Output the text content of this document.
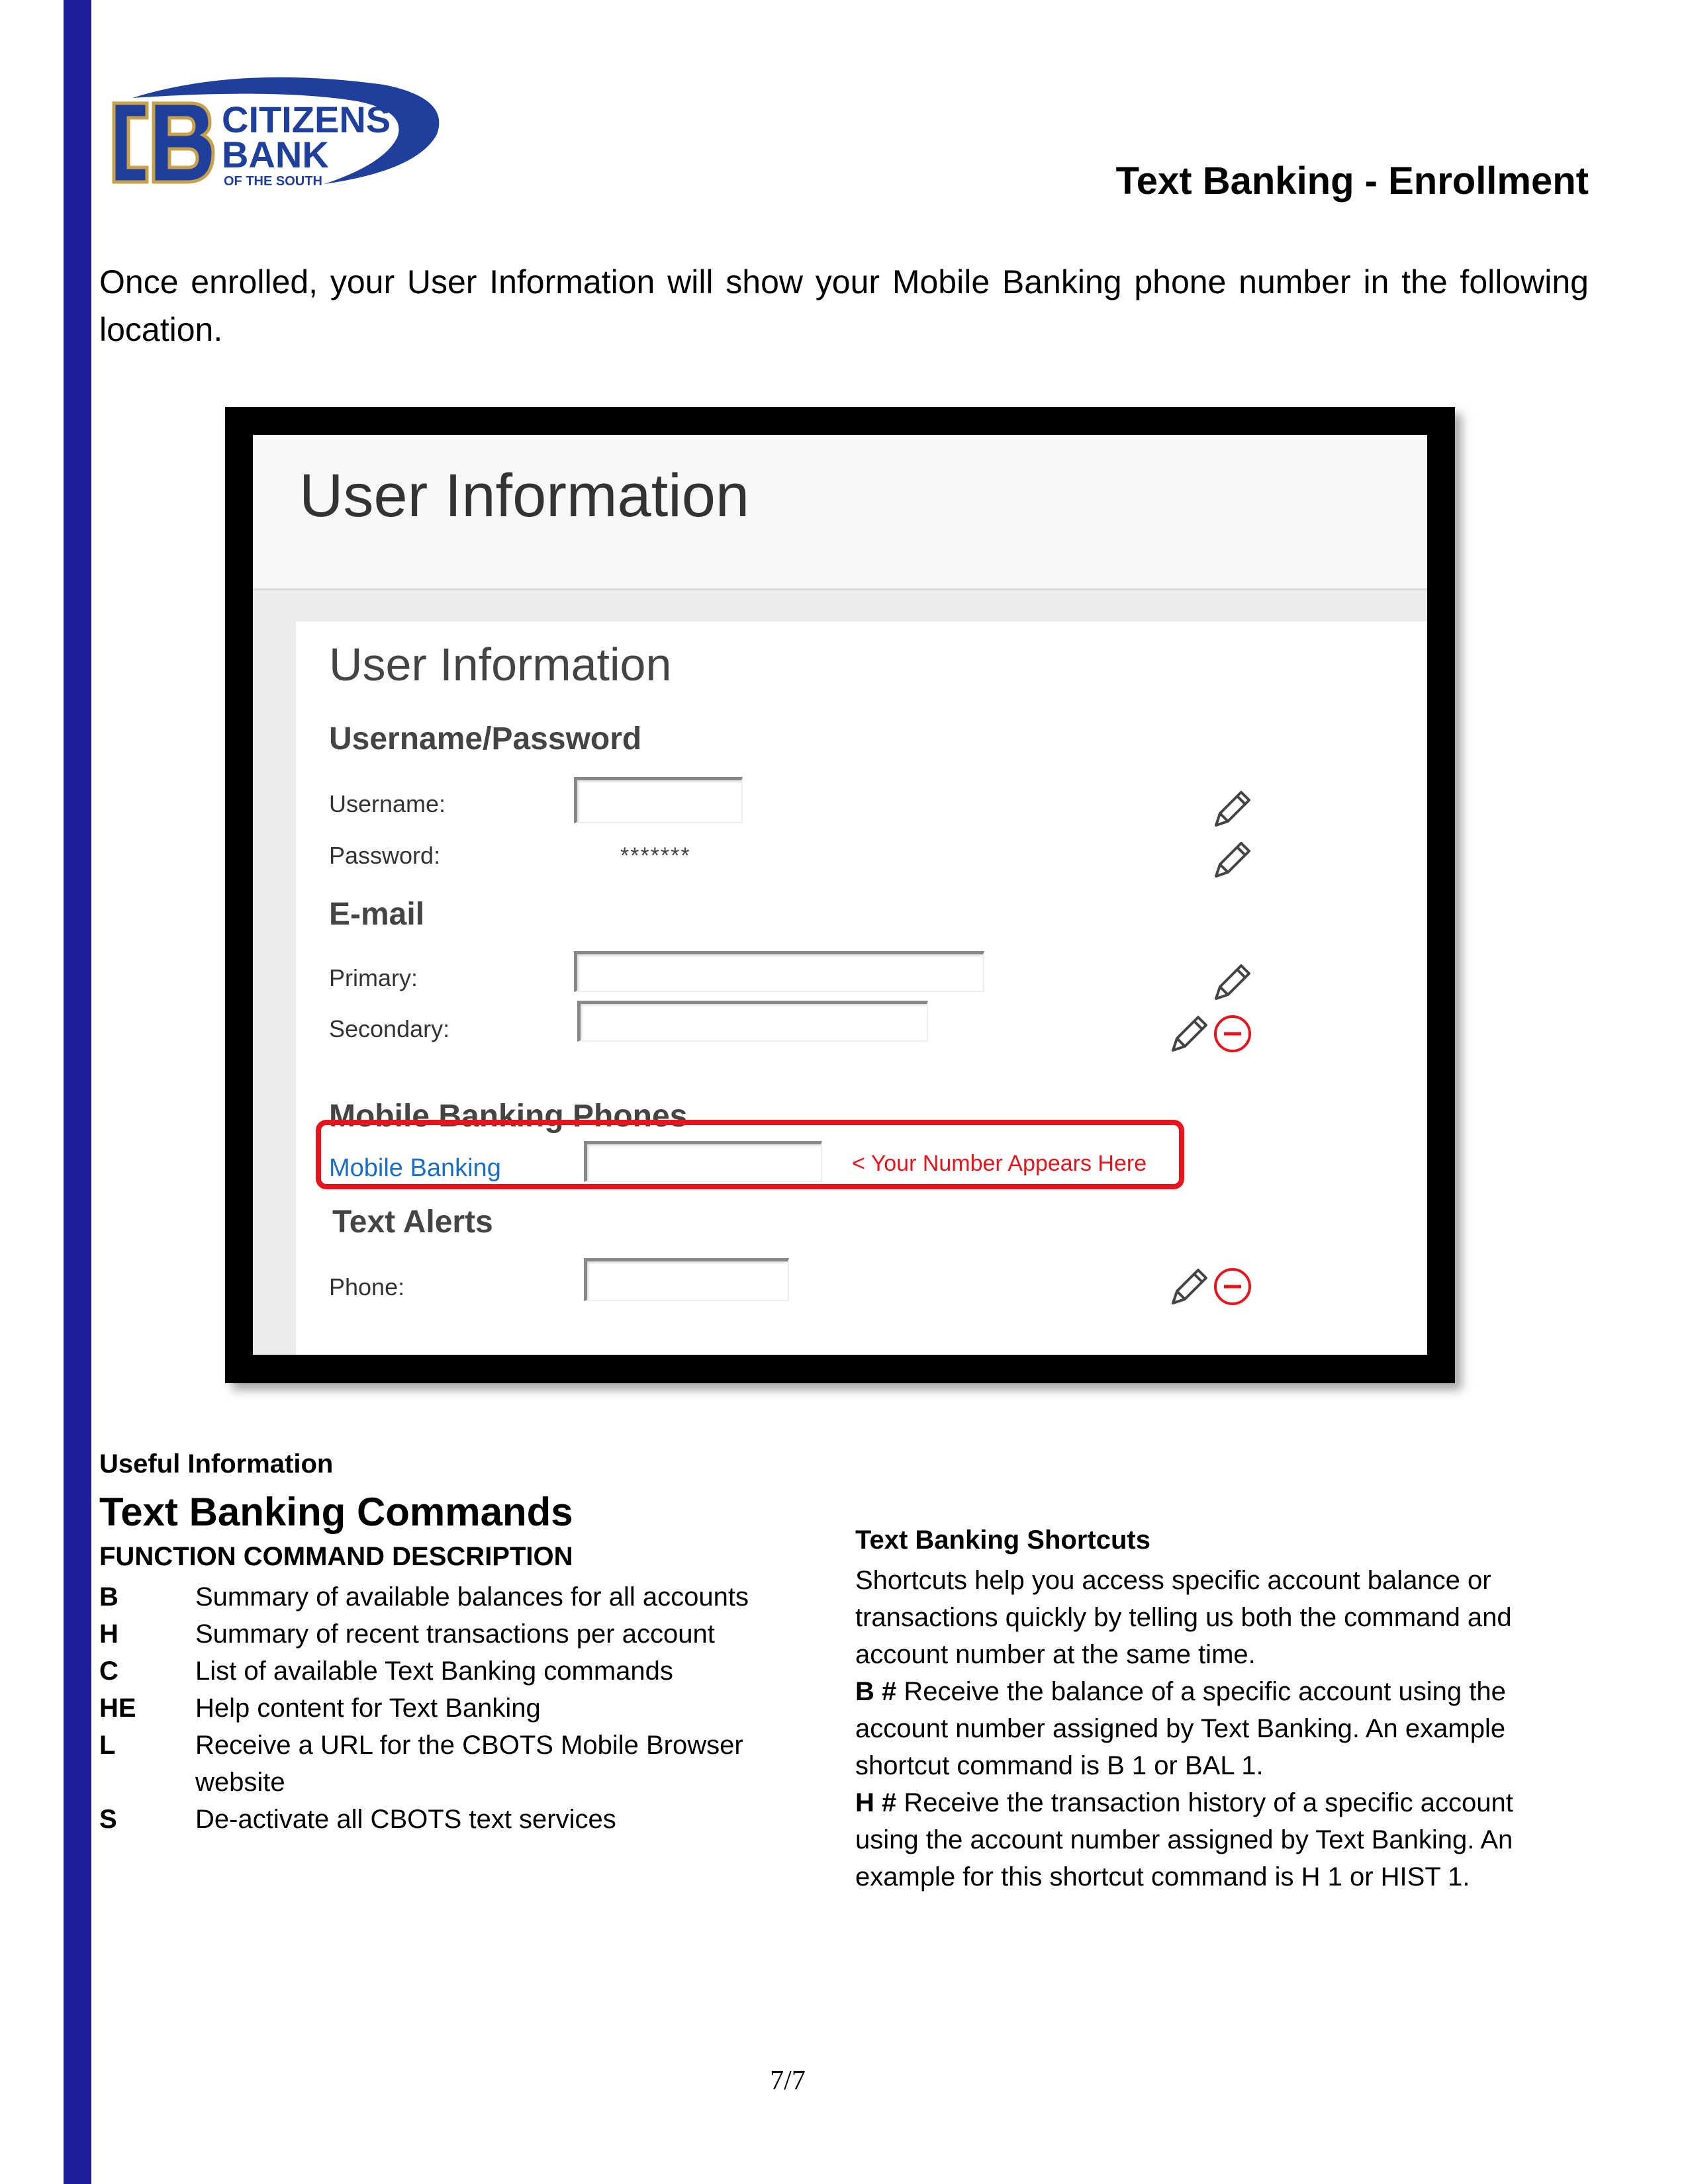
CITIZENS
BANK
OF THE SOUTH	Text Banking - Enrollment

Once enrolled, your User Information will show your Mobile Banking phone number in the following location.

User Information
User Information
Username/Password
Username:
Password:	*******
E-mail
Primary:
Secondary:
Mobile Banking Phones
Mobile Banking	< Your Number Appears Here
Text Alerts
Phone:
Useful Information
Text Banking Commands
FUNCTION COMMAND DESCRIPTION
B	Summary of available balances for all accounts
H	Summary of recent transactions per account
C	List of available Text Banking commands
HE	Help content for Text Banking
L	Receive a URL for the CBOTS Mobile Browser website
S	De-activate all CBOTS text services
Text Banking Shortcuts
Shortcuts help you access specific account balance or transactions quickly by telling us both the command and account number at the same time.
B # Receive the balance of a specific account using the account number assigned by Text Banking. An example shortcut command is B 1 or BAL 1.
H # Receive the transaction history of a specific account using the account number assigned by Text Banking. An example for this shortcut command is H 1 or HIST 1.
7/7
